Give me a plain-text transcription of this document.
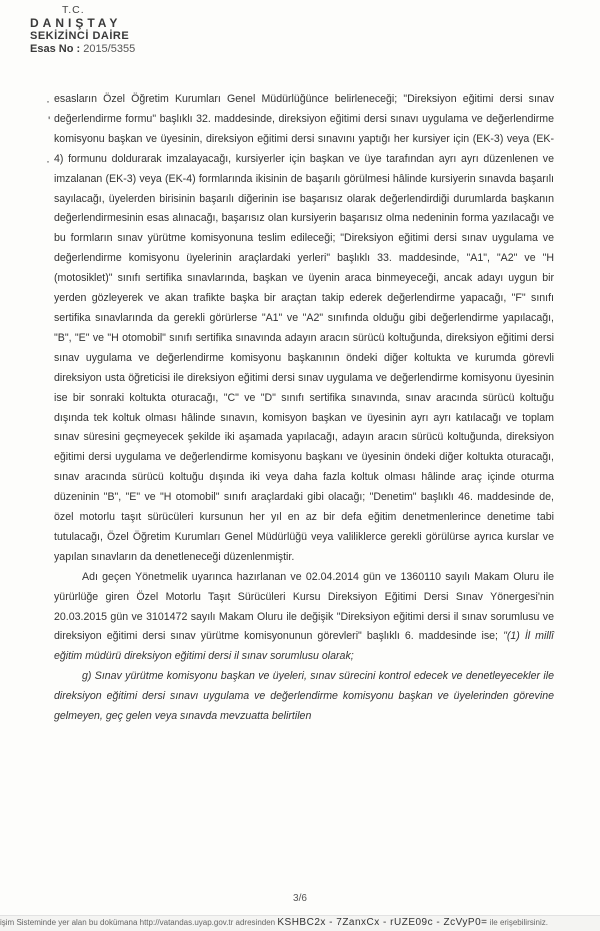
T.C.
DANIŞTAY
SEKİZİNCİ DAİRE
Esas No : 2015/5355
·
'
·

esasların Özel Öğretim Kurumları Genel Müdürlüğünce belirleneceği; "Direksiyon eğitimi dersi sınav değerlendirme formu" başlıklı 32. maddesinde, direksiyon eğitimi dersi sınavı uygulama ve değerlendirme komisyonu başkan ve üyesinin, direksiyon eğitimi dersi sınavını yaptığı her kursiyer için (EK-3) veya (EK-4) formunu doldurarak imzalayacağı, kursiyerler için başkan ve üye tarafından ayrı ayrı düzenlenen ve imzalanan (EK-3) veya (EK-4) formlarında ikisinin de başarılı görülmesi hâlinde kursiyerin sınavda başarılı sayılacağı, üyelerden birisinin başarılı diğerinin ise başarısız olarak değerlendirdiği durumlarda başkanın değerlendirmesinin esas alınacağı, başarısız olan kursiyerin başarısız olma nedeninin forma yazılacağı ve bu formların sınav yürütme komisyonuna teslim edileceği; "Direksiyon eğitimi dersi sınav uygulama ve değerlendirme komisyonu üyelerinin araçlardaki yerleri" başlıklı 33. maddesinde, "A1", "A2" ve "H (motosiklet)" sınıfı sertifika sınavlarında, başkan ve üyenin araca binmeyeceği, ancak adayı uygun bir yerden gözleyerek ve akan trafikte başka bir araçtan takip ederek değerlendirme yapacağı, "F" sınıfı sertifika sınavlarında da gerekli görürlerse "A1" ve "A2" sınıfında olduğu gibi değerlendirme yapılacağı, "B", "E" ve "H otomobil" sınıfı sertifika sınavında adayın aracın sürücü koltuğunda, direksiyon eğitimi dersi sınav uygulama ve değerlendirme komisyonu başkanının öndeki diğer koltukta ve kurumda görevli direksiyon usta öğreticisi ile direksiyon eğitimi dersi sınav uygulama ve değerlendirme komisyonu üyesinin ise bir sonraki koltukta oturacağı, "C" ve "D" sınıfı sertifika sınavında, sınav aracında sürücü koltuğu dışında tek koltuk olması hâlinde sınavın, komisyon başkan ve üyesinin ayrı ayrı katılacağı ve toplam sınav süresini geçmeyecek şekilde iki aşamada yapılacağı, adayın aracın sürücü koltuğunda, direksiyon eğitimi dersi uygulama ve değerlendirme komisyonu başkanı ve üyesinin öndeki diğer koltukta oturacağı, sınav aracında sürücü koltuğu dışında iki veya daha fazla koltuk olması hâlinde araç içinde oturma düzeninin "B", "E" ve "H otomobil" sınıfı araçlardaki gibi olacağı; "Denetim" başlıklı 46. maddesinde de, özel motorlu taşıt sürücüleri kursunun her yıl en az bir defa eğitim denetmenlerince denetime tabi tutulacağı, Özel Öğretim Kurumları Genel Müdürlüğü veya valiliklerce gerekli görülürse ayrıca kurslar ve yapılan sınavların da denetleneceği düzenlenmiştir.

Adı geçen Yönetmelik uyarınca hazırlanan ve 02.04.2014 gün ve 1360110 sayılı Makam Oluru ile yürürlüğe giren Özel Motorlu Taşıt Sürücüleri Kursu Direksiyon Eğitimi Dersi Sınav Yönergesi'nin 20.03.2015 gün ve 3101472 sayılı Makam Oluru ile değişik "Direksiyon eğitimi dersi il sınav sorumlusu ve direksiyon eğitimi dersi sınav yürütme komisyonunun görevleri" başlıklı 6. maddesinde ise; "(1) İl millî eğitim müdürü direksiyon eğitimi dersi il sınav sorumlusu olarak;

g) Sınav yürütme komisyonu başkan ve üyeleri, sınav sürecini kontrol edecek ve denetleyecekler ile direksiyon eğitimi dersi sınavı uygulama ve değerlendirme komisyonu başkan ve üyelerinden görevine gelmeyen, geç gelen veya sınavda mevzuatta belirtilen

3/6
işim Sisteminde yer alan bu dokümana http://vatandas.uyap.gov.tr adresinden KSHBC2x - 7ZanxCx - rUZE09c - ZcVyP0= ile erişebilirsiniz.
